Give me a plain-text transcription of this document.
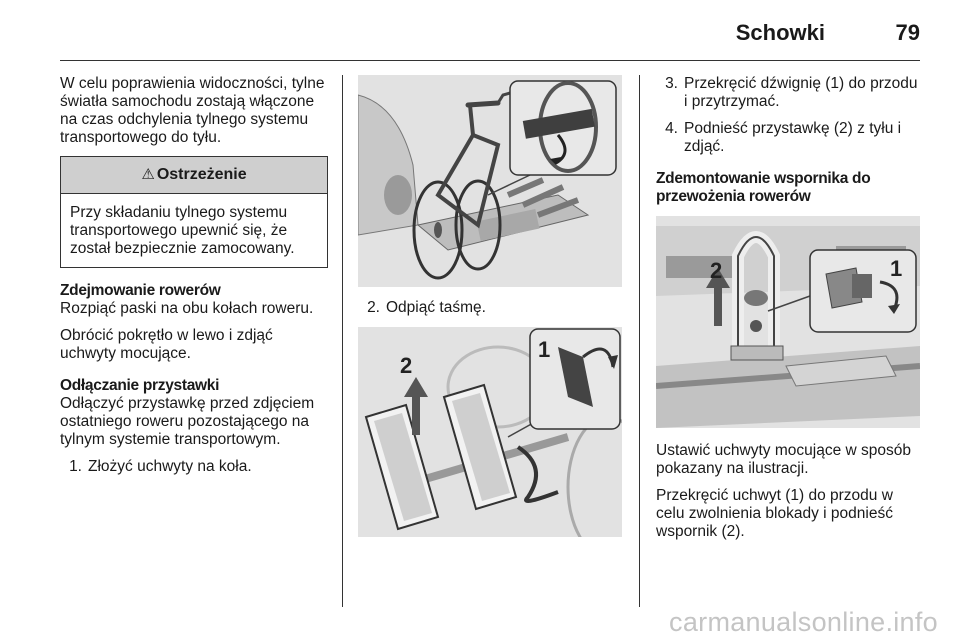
Schowki	79

W celu poprawienia widoczności, tylne światła samochodu zostają włączone na czas odchylenia tylnego systemu transportowego do tyłu.

⚠ Ostrzeżenie
Przy składaniu tylnego systemu transportowego upewnić się, że został bezpiecznie zamocowany.

Zdejmowanie rowerów

Rozpiąć paski na obu kołach roweru.

Obrócić pokrętło w lewo i zdjąć uchwyty mocujące.

Odłączanie przystawki

Odłączyć przystawkę przed zdjęciem ostatniego roweru pozostającego na tylnym systemie transportowym.

1. Złożyć uchwyty na koła.
2. Odpiąć taśmę.
2
1
3. Przekręcić dźwignię (1) do przodu i przytrzymać.
4. Podnieść przystawkę (2) z tyłu i zdjąć.

Zdemontowanie wspornika do przewożenia rowerów

2	1

Ustawić uchwyty mocujące w sposób pokazany na ilustracji.

Przekręcić uchwyt (1) do przodu w celu zwolnienia blokady i podnieść wspornik (2).

carmanualsonline.info
